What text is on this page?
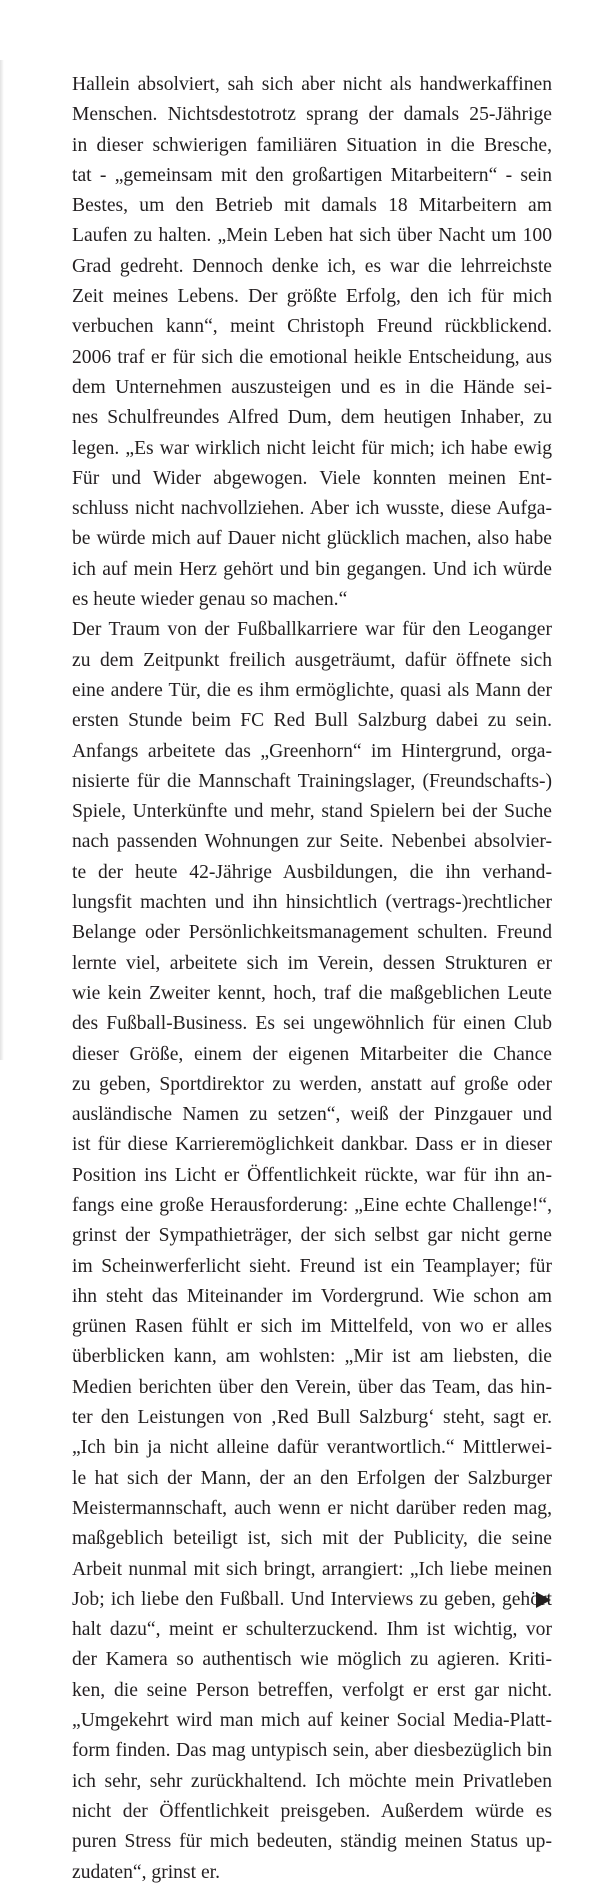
Hallein absolviert, sah sich aber nicht als handwerkaffinen
Menschen. Nichtsdestotrotz sprang der damals 25-Jährige
in dieser schwierigen familiären Situation in die Bresche,
tat - „gemeinsam mit den großartigen Mitarbeitern“ - sein
Bestes, um den Betrieb mit damals 18 Mitarbeitern am
Laufen zu halten. „Mein Leben hat sich über Nacht um 100
Grad gedreht. Dennoch denke ich, es war die lehrreichste
Zeit meines Lebens. Der größte Erfolg, den ich für mich
verbuchen kann“, meint Christoph Freund rückblickend.
2006 traf er für sich die emotional heikle Entscheidung, aus
dem Unternehmen auszusteigen und es in die Hände sei-
nes Schulfreundes Alfred Dum, dem heutigen Inhaber, zu
legen. „Es war wirklich nicht leicht für mich; ich habe ewig
Für und Wider abgewogen. Viele konnten meinen Ent-
schluss nicht nachvollziehen. Aber ich wusste, diese Aufga-
be würde mich auf Dauer nicht glücklich machen, also habe
ich auf mein Herz gehört und bin gegangen. Und ich würde
es heute wieder genau so machen.“
Der Traum von der Fußballkarriere war für den Leoganger
zu dem Zeitpunkt freilich ausgeträumt, dafür öffnete sich
eine andere Tür, die es ihm ermöglichte, quasi als Mann der
ersten Stunde beim FC Red Bull Salzburg dabei zu sein.
Anfangs arbeitete das „Greenhorn“ im Hintergrund, orga-
nisierte für die Mannschaft Trainingslager, (Freundschafts-)
Spiele, Unterkünfte und mehr, stand Spielern bei der Suche
nach passenden Wohnungen zur Seite. Nebenbei absolvier-
te der heute 42-Jährige Ausbildungen, die ihn verhand-
lungsfit machten und ihn hinsichtlich (vertrags-)rechtlicher
Belange oder Persönlichkeitsmanagement schulten. Freund
lernte viel, arbeitete sich im Verein, dessen Strukturen er
wie kein Zweiter kennt, hoch, traf die maßgeblichen Leute
des Fußball-Business. Es sei ungewöhnlich für einen Club
dieser Größe, einem der eigenen Mitarbeiter die Chance
zu geben, Sportdirektor zu werden, anstatt auf große oder
ausländische Namen zu setzen“, weiß der Pinzgauer und
ist für diese Karrieremöglichkeit dankbar. Dass er in dieser
Position ins Licht er Öffentlichkeit rückte, war für ihn an-
fangs eine große Herausforderung: „Eine echte Challenge!“,
grinst der Sympathieträger, der sich selbst gar nicht gerne
im Scheinwerferlicht sieht. Freund ist ein Teamplayer; für
ihn steht das Miteinander im Vordergrund. Wie schon am
grünen Rasen fühlt er sich im Mittelfeld, von wo er alles
überblicken kann, am wohlsten: „Mir ist am liebsten, die
Medien berichten über den Verein, über das Team, das hin-
ter den Leistungen von ‚Red Bull Salzburg‘ steht, sagt er.
„Ich bin ja nicht alleine dafür verantwortlich.“ Mittlerwei-
le hat sich der Mann, der an den Erfolgen der Salzburger
Meistermannschaft, auch wenn er nicht darüber reden mag,
maßgeblich beteiligt ist, sich mit der Publicity, die seine
Arbeit nunmal mit sich bringt, arrangiert: „Ich liebe meinen
Job; ich liebe den Fußball. Und Interviews zu geben, gehört
halt dazu“, meint er schulterzuckend. Ihm ist wichtig, vor
der Kamera so authentisch wie möglich zu agieren. Kriti-
ken, die seine Person betreffen, verfolgt er erst gar nicht.
„Umgekehrt wird man mich auf keiner Social Media-Platt-
form finden. Das mag untypisch sein, aber diesbezüglich bin
ich sehr, sehr zurückhaltend. Ich möchte mein Privatleben
nicht der Öffentlichkeit preisgeben. Außerdem würde es
puren Stress für mich bedeuten, ständig meinen Status up-
zudaten“, grinst er.
